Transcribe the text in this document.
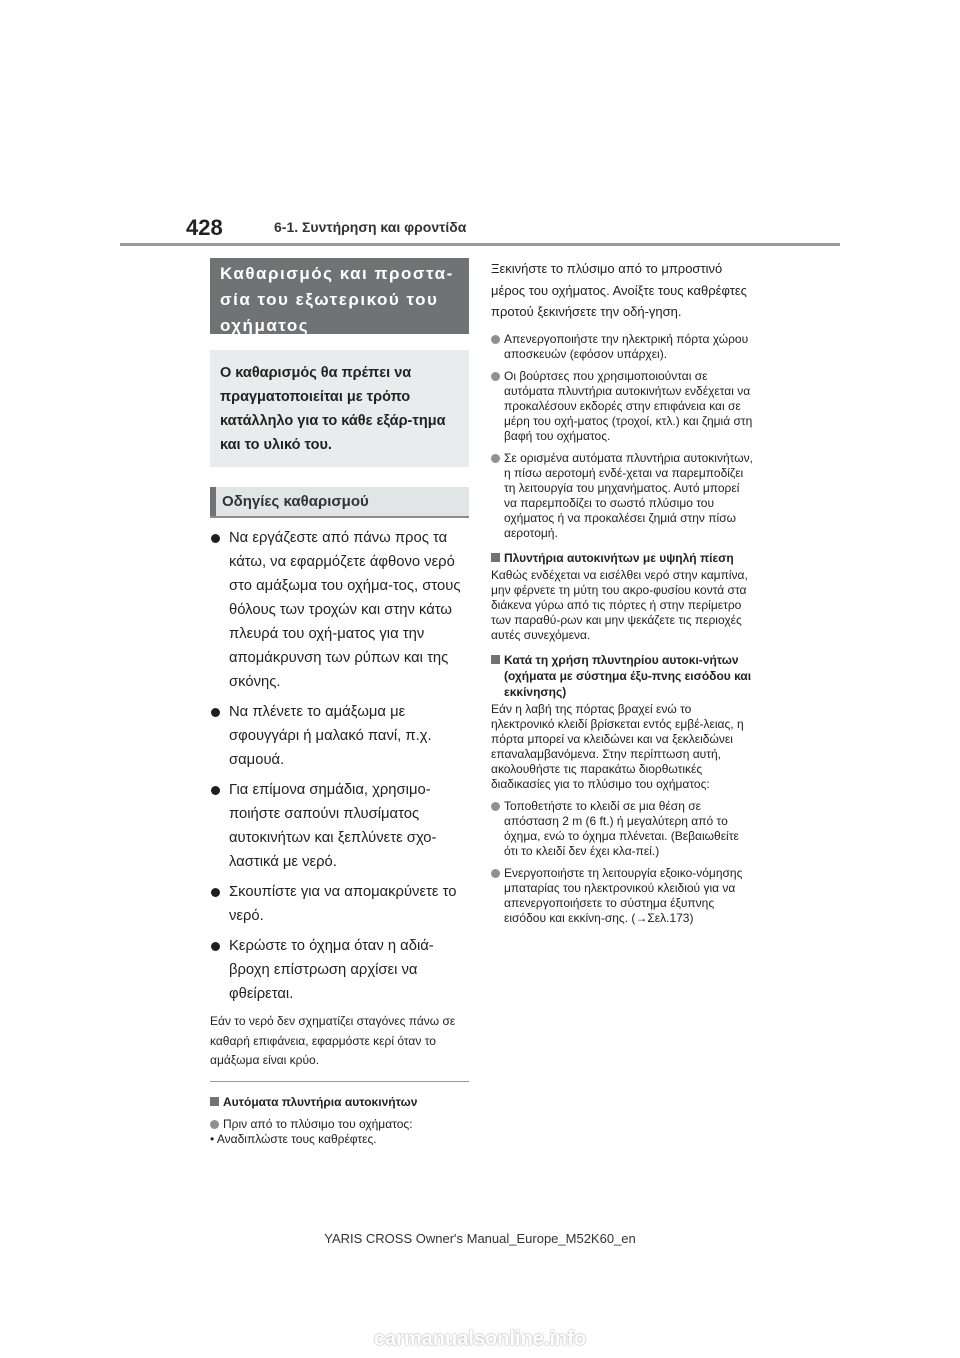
428	6-1. Συντήρηση και φροντίδα
Καθαρισμός και προστα-σία του εξωτερικού του οχήματος
Ο καθαρισμός θα πρέπει να πραγματοποιείται με τρόπο κατάλληλο για το κάθε εξάρ-τημα και το υλικό του.
Οδηγίες καθαρισμού
Να εργάζεστε από πάνω προς τα κάτω, να εφαρμόζετε άφθονο νερό στο αμάξωμα του οχήμα-τος, στους θόλους των τροχών και στην κάτω πλευρά του οχή-ματος για την απομάκρυνση των ρύπων και της σκόνης.
Να πλένετε το αμάξωμα με σφουγγάρι ή μαλακό πανί, π.χ. σαμουά.
Για επίμονα σημάδια, χρησιμο-ποιήστε σαπούνι πλυσίματος αυτοκινήτων και ξεπλύνετε σχο-λαστικά με νερό.
Σκουπίστε για να απομακρύνετε το νερό.
Κερώστε το όχημα όταν η αδιά-βροχη επίστρωση αρχίσει να φθείρεται.
Εάν το νερό δεν σχηματίζει σταγόνες πάνω σε καθαρή επιφάνεια, εφαρμόστε κερί όταν το αμάξωμα είναι κρύο.
Αυτόματα πλυντήρια αυτοκινήτων
Πριν από το πλύσιμο του οχήματος:
• Αναδιπλώστε τους καθρέφτες.
Ξεκινήστε το πλύσιμο από το μπροστινό μέρος του οχήματος. Ανοίξτε τους καθρέφτες προτού ξεκινήσετε την οδή-γηση.
Απενεργοποιήστε την ηλεκτρική πόρτα χώρου αποσκευών (εφόσον υπάρχει).
Οι βούρτσες που χρησιμοποιούνται σε αυτόματα πλυντήρια αυτοκινήτων ενδέχεται να προκαλέσουν εκδορές στην επιφάνεια και σε μέρη του οχή-ματος (τροχοί, κτλ.) και ζημιά στη βαφή του οχήματος.
Σε ορισμένα αυτόματα πλυντήρια αυτοκινήτων, η πίσω αεροτομή ενδέ-χεται να παρεμποδίζει τη λειτουργία του μηχανήματος. Αυτό μπορεί να παρεμποδίζει το σωστό πλύσιμο του οχήματος ή να προκαλέσει ζημιά στην πίσω αεροτομή.
Πλυντήρια αυτοκινήτων με υψηλή πίεση
Καθώς ενδέχεται να εισέλθει νερό στην καμπίνα, μην φέρνετε τη μύτη του ακρο-φυσίου κοντά στα διάκενα γύρω από τις πόρτες ή στην περίμετρο των παραθύ-ρων και μην ψεκάζετε τις περιοχές αυτές συνεχόμενα.
Κατά τη χρήση πλυντηρίου αυτοκι-νήτων (οχήματα με σύστημα έξυ-πνης εισόδου και εκκίνησης)
Εάν η λαβή της πόρτας βραχεί ενώ το ηλεκτρονικό κλειδί βρίσκεται εντός εμβέ-λειας, η πόρτα μπορεί να κλειδώνει και να ξεκλειδώνει επαναλαμβανόμενα. Στην περίπτωση αυτή, ακολουθήστε τις παρακάτω διορθωτικές διαδικασίες για το πλύσιμο του οχήματος:
Τοποθετήστε το κλειδί σε μια θέση σε απόσταση 2 m (6 ft.) ή μεγαλύτερη από το όχημα, ενώ το όχημα πλένεται. (Βεβαιωθείτε ότι το κλειδί δεν έχει κλα-πεί.)
Ενεργοποιήστε τη λειτουργία εξοικο-νόμησης μπαταρίας του ηλεκτρονικού κλειδιού για να απενεργοποιήσετε το σύστημα έξυπνης εισόδου και εκκίνη-σης. (→Σελ.173)
YARIS CROSS Owner's Manual_Europe_M52K60_en
carmanualsonline.info
